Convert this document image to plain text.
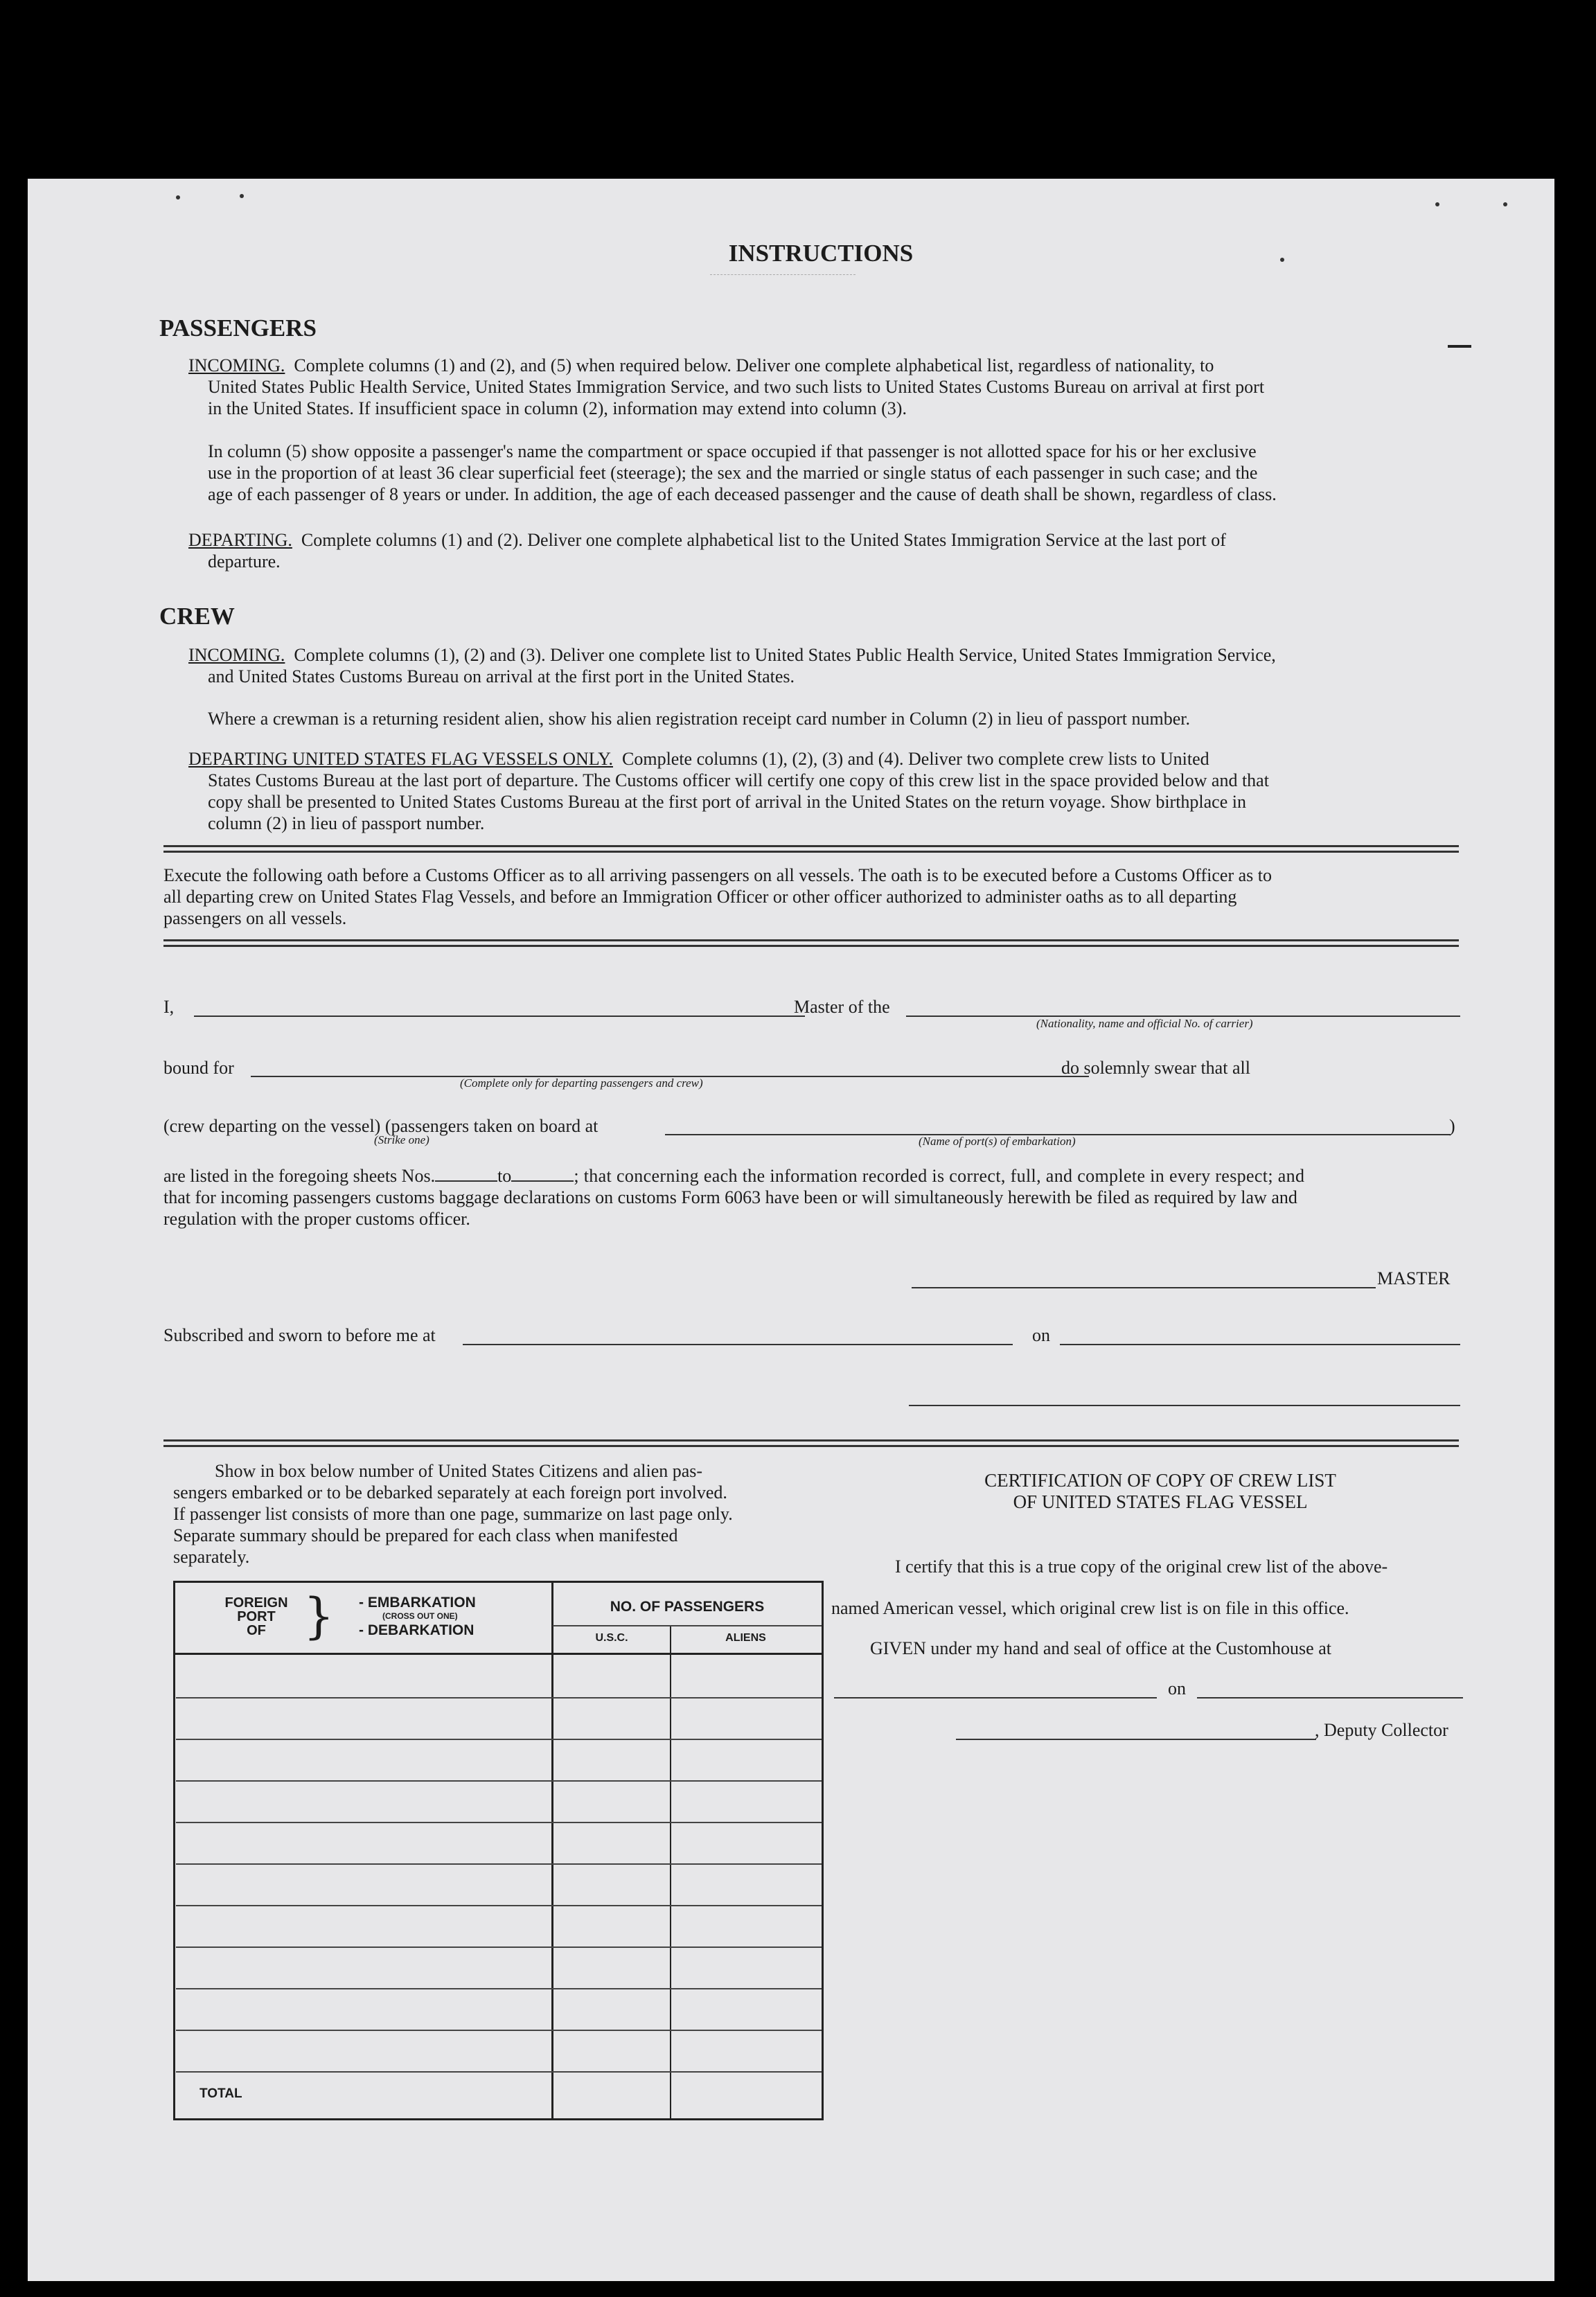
INSTRUCTIONS
PASSENGERS
INCOMING. Complete columns (1) and (2), and (5) when required below. Deliver one complete alphabetical list, regardless of nationality, to
United States Public Health Service, United States Immigration Service, and two such lists to United States Customs Bureau on arrival at first port
in the United States. If insufficient space in column (2), information may extend into column (3).
In column (5) show opposite a passenger's name the compartment or space occupied if that passenger is not allotted space for his or her exclusive
use in the proportion of at least 36 clear superficial feet (steerage); the sex and the married or single status of each passenger in such case; and the
age of each passenger of 8 years or under. In addition, the age of each deceased passenger and the cause of death shall be shown, regardless of class.
DEPARTING. Complete columns (1) and (2). Deliver one complete alphabetical list to the United States Immigration Service at the last port of
departure.
CREW
INCOMING. Complete columns (1), (2) and (3). Deliver one complete list to United States Public Health Service, United States Immigration Service,
and United States Customs Bureau on arrival at the first port in the United States.
Where a crewman is a returning resident alien, show his alien registration receipt card number in Column (2) in lieu of passport number.
DEPARTING UNITED STATES FLAG VESSELS ONLY. Complete columns (1), (2), (3) and (4). Deliver two complete crew lists to United
States Customs Bureau at the last port of departure. The Customs officer will certify one copy of this crew list in the space provided below and that
copy shall be presented to United States Customs Bureau at the first port of arrival in the United States on the return voyage. Show birthplace in
column (2) in lieu of passport number.
Execute the following oath before a Customs Officer as to all arriving passengers on all vessels. The oath is to be executed before a Customs Officer as to
all departing crew on United States Flag Vessels, and before an Immigration Officer or other officer authorized to administer oaths as to all departing
passengers on all vessels.
I,	Master of the
(Nationality, name and official No. of carrier)
bound for	do solemnly swear that all
(Complete only for departing passengers and crew)
(crew departing on the vessel) (passengers taken on board at	)
(Strike one)	(Name of port(s) of embarkation)
are listed in the foregoing sheets Nos.	to	; that concerning each the information recorded is correct, full, and complete in every respect; and
that for incoming passengers customs baggage declarations on customs Form 6063 have been or will simultaneously herewith be filed as required by law and
regulation with the proper customs officer.
MASTER
Subscribed and sworn to before me at	on
Show in box below number of United States Citizens and alien pas-
sengers embarked or to be debarked separately at each foreign port involved.
If passenger list consists of more than one page, summarize on last page only.
Separate summary should be prepared for each class when manifested
separately.
FOREIGN
PORT
OF } - EMBARKATION
(CROSS OUT ONE)
- DEBARKATION
NO. OF PASSENGERS
U.S.C.	ALIENS
TOTAL
CERTIFICATION OF COPY OF CREW LIST
OF UNITED STATES FLAG VESSEL
I certify that this is a true copy of the original crew list of the above-
named American vessel, which original crew list is on file in this office.
GIVEN under my hand and seal of office at the Customhouse at
on
, Deputy Collector
